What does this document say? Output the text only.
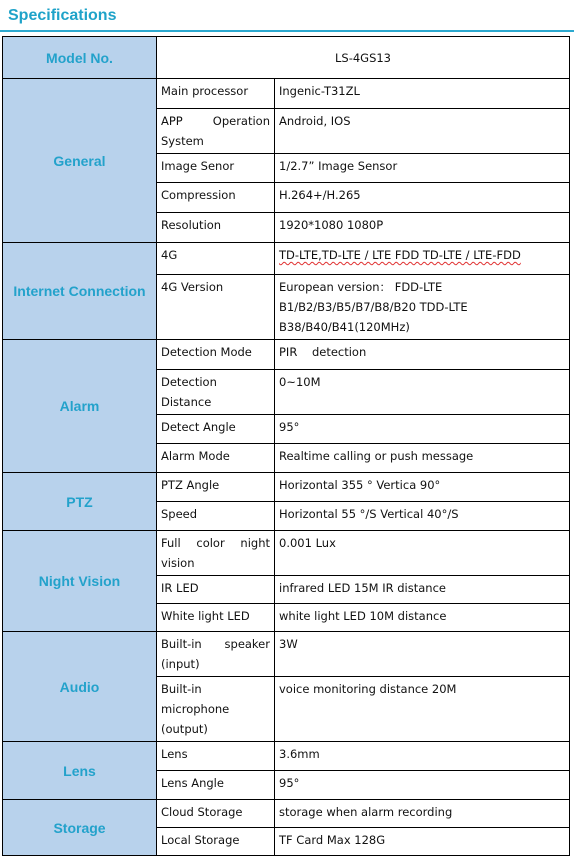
Specifications
Model No.	LS-4GS13	
General	Main processor	Ingenic-T31ZL
	APP Operation System	Android, IOS
	Image Senor	1/2.7” Image Sensor
	Compression	H.264+/H.265
	Resolution	1920*1080 1080P
Internet Connection	4G	TD-LTE,TD-LTE / LTE FDD TD-LTE / LTE-FDD
	4G Version	European version： FDD-LTE B1/B2/B3/B5/B7/B8/B20 TDD-LTE B38/B40/B41(120MHz)
Alarm	Detection Mode	PIR    detection
	Detection Distance	0~10M
	Detect Angle	95°
	Alarm Mode	Realtime calling or push message
PTZ	PTZ Angle	Horizontal 355 ° Vertica 90°
	Speed	Horizontal 55 °/S Vertical 40°/S
Night Vision	Full color night vision	0.001 Lux
	IR LED	infrared LED 15M IR distance
	White light LED	white light LED 10M distance
Audio	Built-in speaker (input)	3W
	Built-in microphone (output)	voice monitoring distance 20M
Lens	Lens	3.6mm
	Lens Angle	95°
Storage	Cloud Storage	storage when alarm recording
	Local Storage	TF Card Max 128G
